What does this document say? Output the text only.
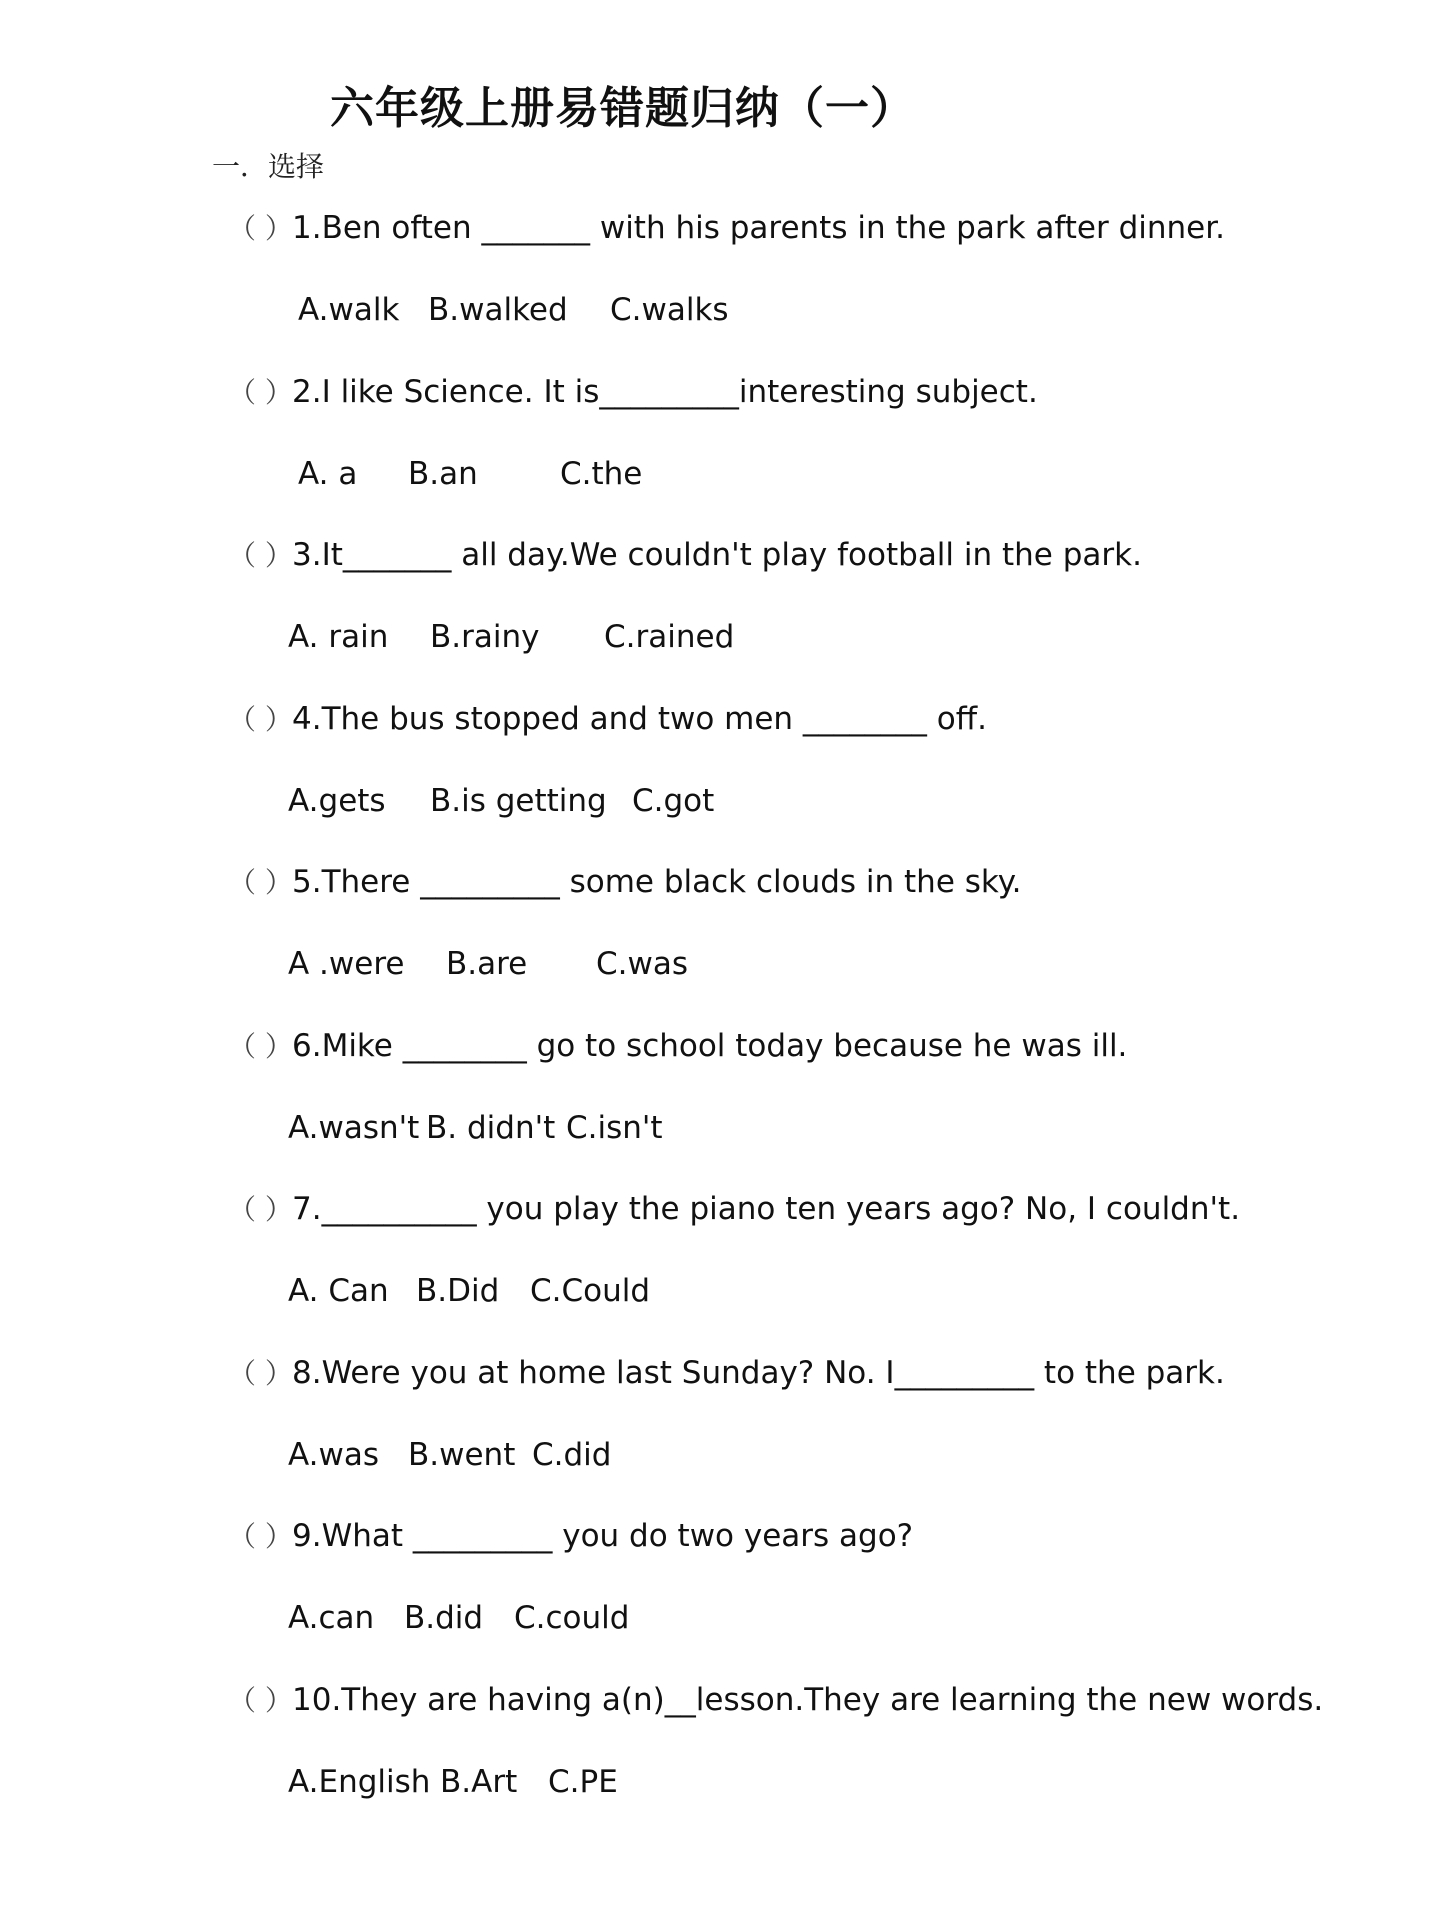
六年级上册易错题归纳（一）
一．选择
（ ）1.Ben often _______ with his parents in the park after dinner.
A.walk B.walked C.walks
（ ）2.I like Science. It is_________interesting subject.
A. a B.an	C.the
（ ）3.It_______ all day.We couldn't play football in the park.
A. rain B.rainy C.rained
（ ）4.The bus stopped and two men ________ off.
A.gets B.is getting C.got
（ ）5.There _________ some black clouds in the sky.
A .were B.are C.was
（ ）6.Mike ________ go to school today because he was ill.
A.wasn't B. didn't C.isn't
（ ）7.__________ you play the piano ten years ago? No, I couldn't.
A. Can B.Did C.Could
（ ）8.Were you at home last Sunday? No. I_________ to the park.
A.was B.went C.did
（ ）9.What _________ you do two years ago?
A.can B.did C.could
（ ）10.They are having a(n)__lesson.They are learning the new words.
A.English B.Art C.PE
